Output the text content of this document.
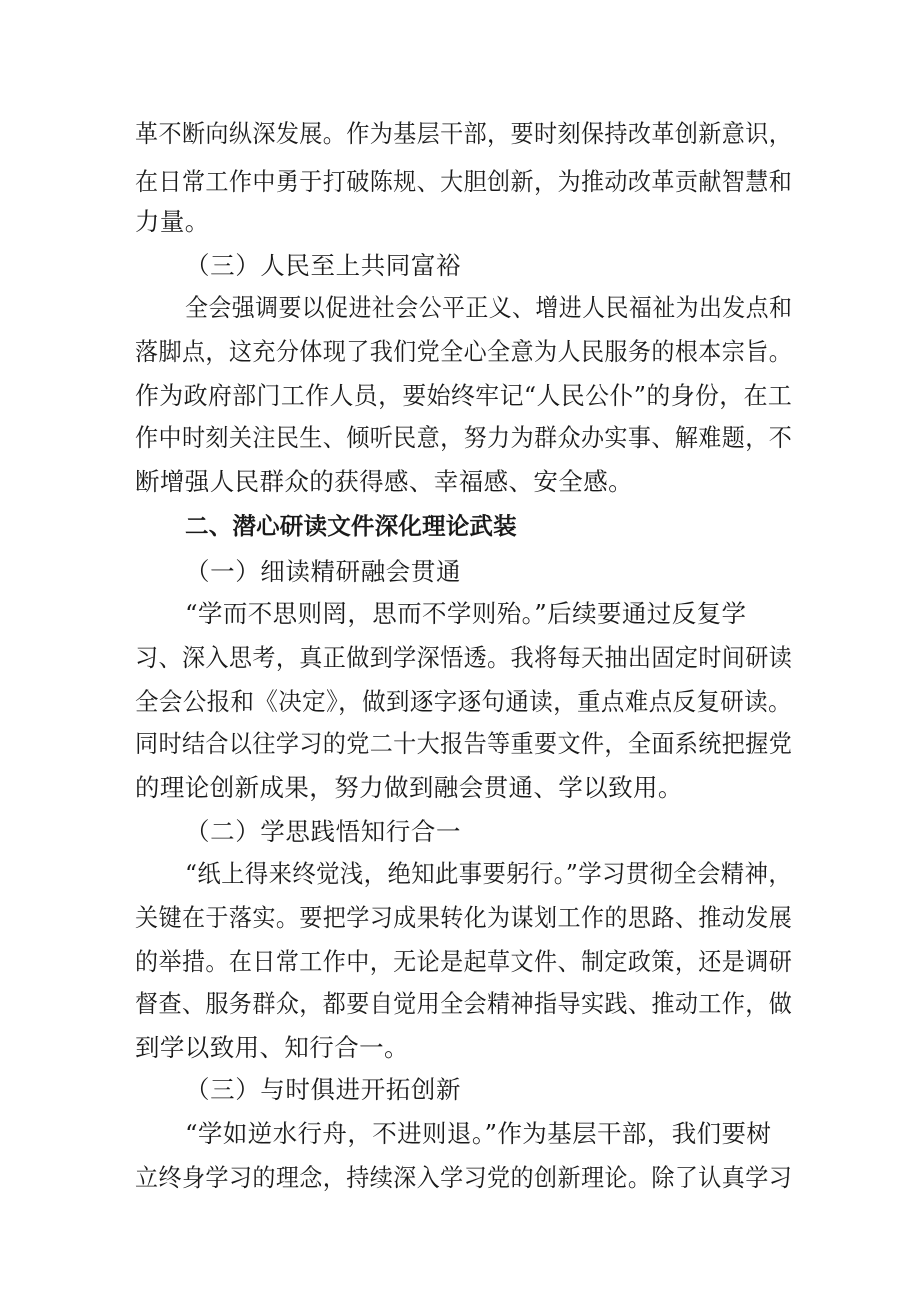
革不断向纵深发展。作为基层干部，要时刻保持改革创新意识，
在日常工作中勇于打破陈规、大胆创新，为推动改革贡献智慧和
力量。
（三）人民至上共同富裕
全会强调要以促进社会公平正义、增进人民福祉为出发点和
落脚点，这充分体现了我们党全心全意为人民服务的根本宗旨。
作为政府部门工作人员，要始终牢记“人民公仆”的身份，在工
作中时刻关注民生、倾听民意，努力为群众办实事、解难题，不
断增强人民群众的获得感、幸福感、安全感。
二、潜心研读文件深化理论武装
（一）细读精研融会贯通
“学而不思则罔，思而不学则殆。”后续要通过反复学
习、深入思考，真正做到学深悟透。我将每天抽出固定时间研读
全会公报和《决定》，做到逐字逐句通读，重点难点反复研读。
同时结合以往学习的党二十大报告等重要文件，全面系统把握党
的理论创新成果，努力做到融会贯通、学以致用。
（二）学思践悟知行合一
“纸上得来终觉浅，绝知此事要躬行。”学习贯彻全会精神，
关键在于落实。要把学习成果转化为谋划工作的思路、推动发展
的举措。在日常工作中，无论是起草文件、制定政策，还是调研
督查、服务群众，都要自觉用全会精神指导实践、推动工作，做
到学以致用、知行合一。
（三）与时俱进开拓创新
“学如逆水行舟，不进则退。”作为基层干部，我们要树
立终身学习的理念，持续深入学习党的创新理论。除了认真学习
